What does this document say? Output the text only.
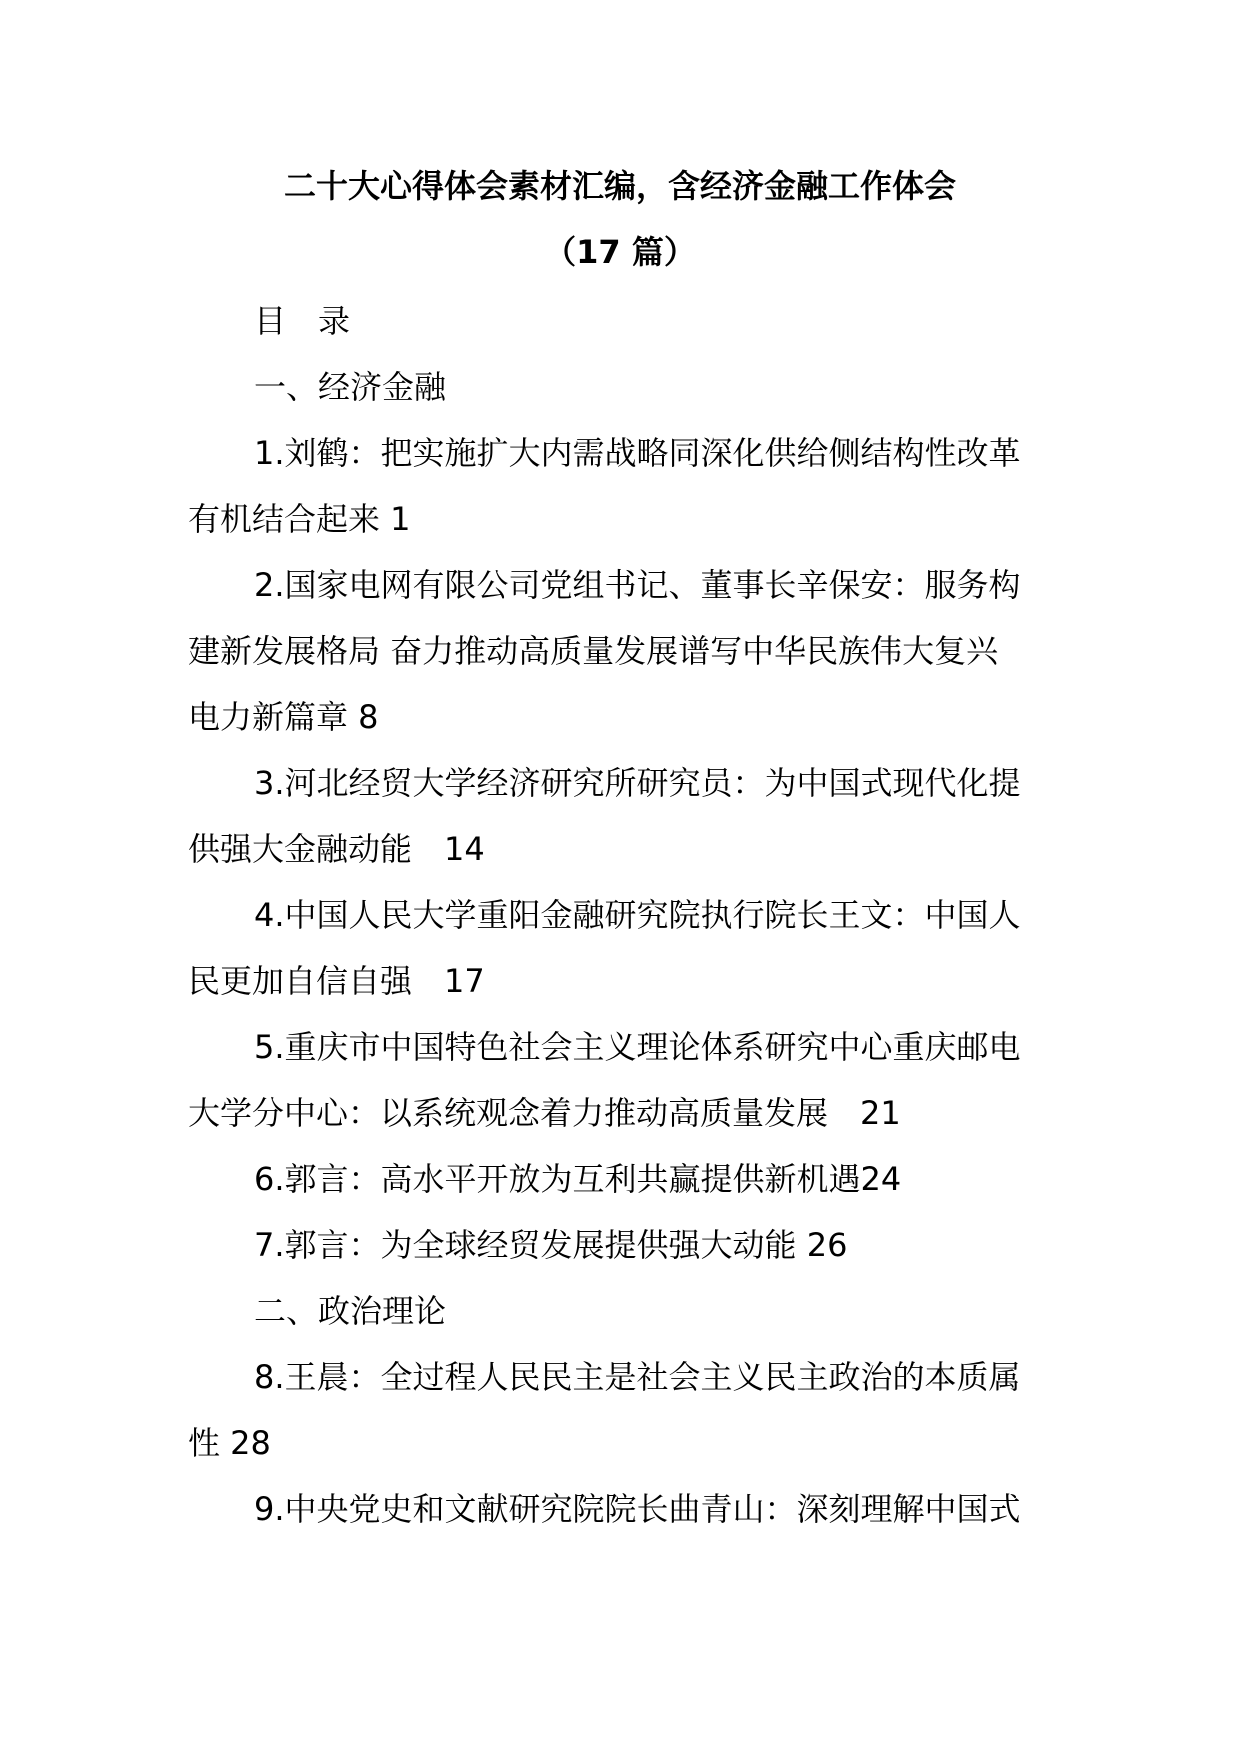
二十大心得体会素材汇编，含经济金融工作体会
（17 篇）
目　录
一、经济金融
1.刘鹤：把实施扩大内需战略同深化供给侧结构性改革
有机结合起来 1
2.国家电网有限公司党组书记、董事长辛保安：服务构
建新发展格局 奋力推动高质量发展谱写中华民族伟大复兴
电力新篇章 8
3.河北经贸大学经济研究所研究员：为中国式现代化提
供强大金融动能　14
4.中国人民大学重阳金融研究院执行院长王文：中国人
民更加自信自强　17
5.重庆市中国特色社会主义理论体系研究中心重庆邮电
大学分中心：以系统观念着力推动高质量发展　21
6.郭言：高水平开放为互利共赢提供新机遇24
7.郭言：为全球经贸发展提供强大动能 26
二、政治理论
8.王晨：全过程人民民主是社会主义民主政治的本质属
性 28
9.中央党史和文献研究院院长曲青山：深刻理解中国式
